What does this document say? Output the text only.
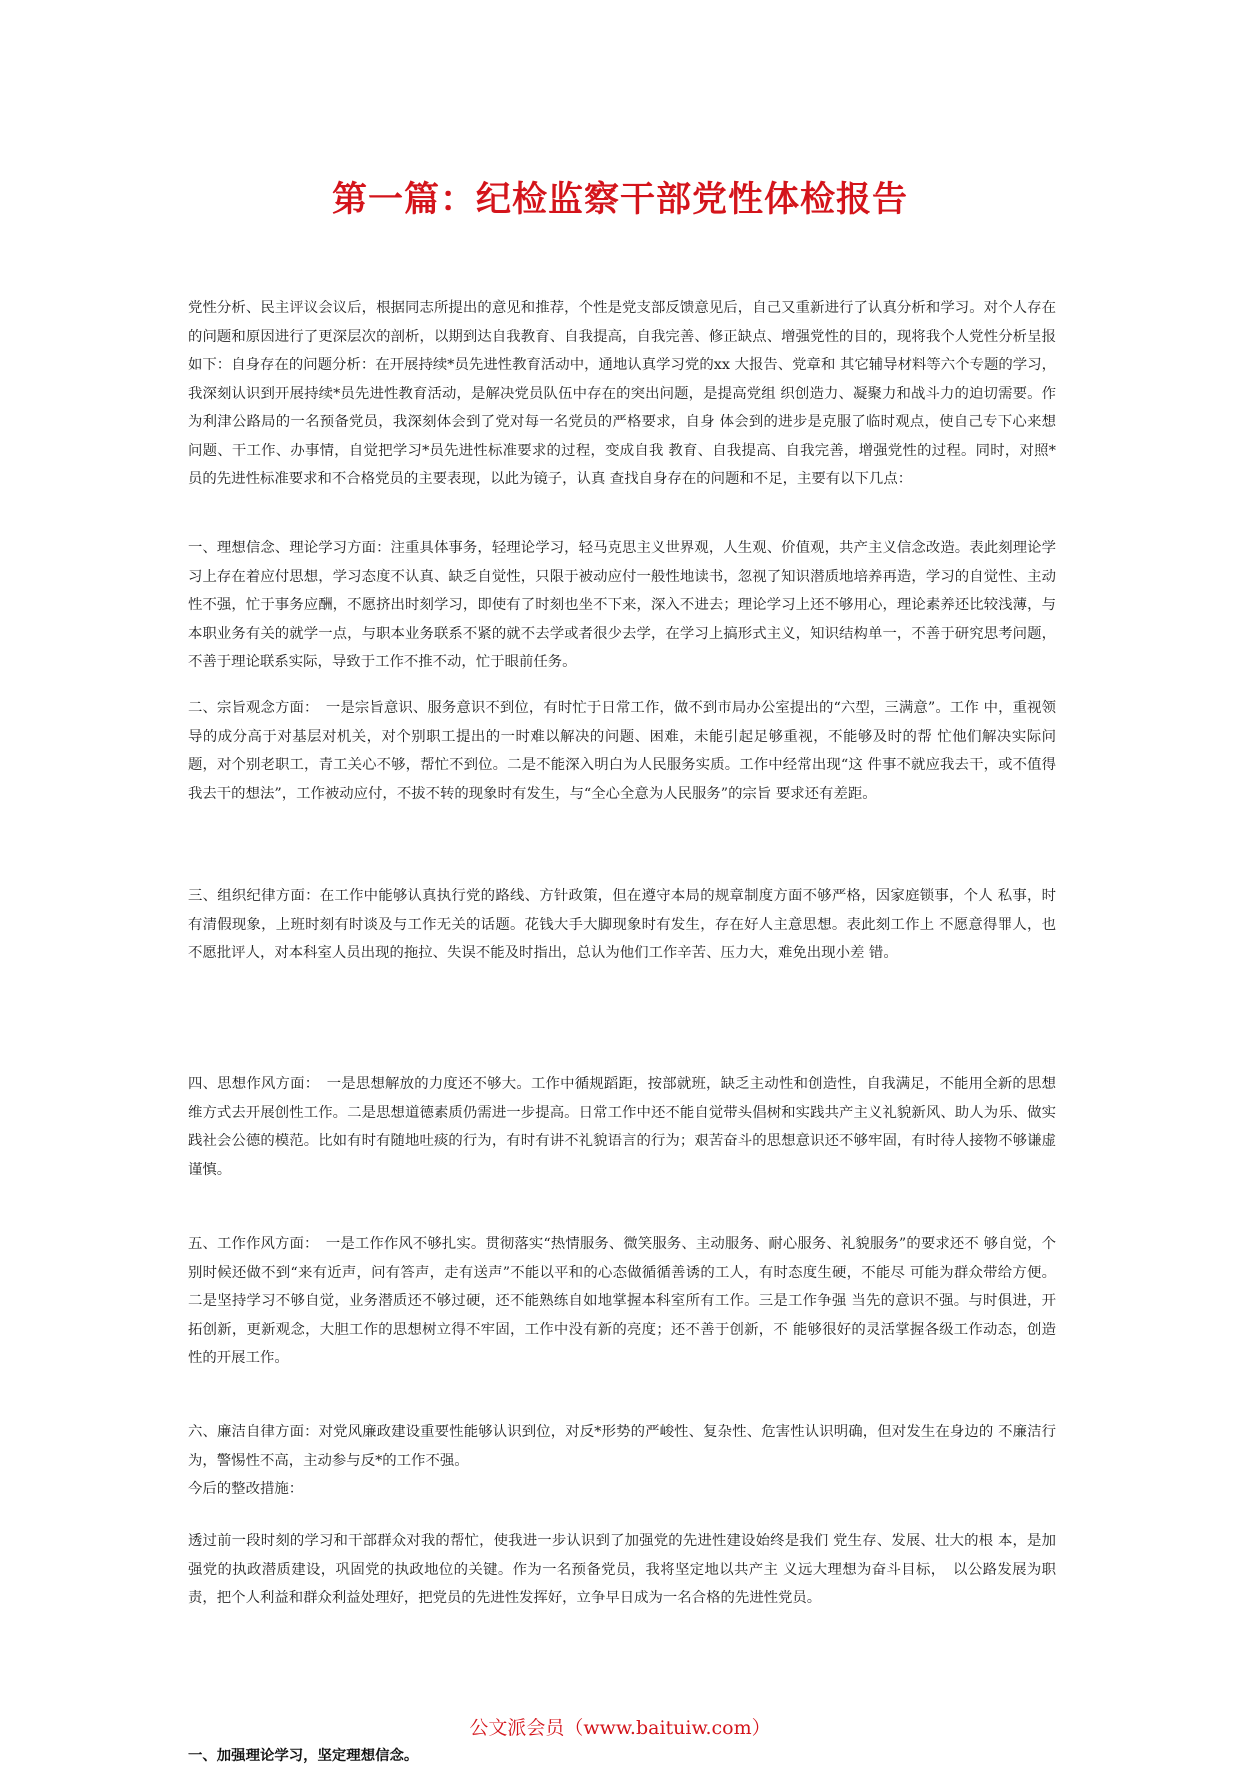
第一篇：纪检监察干部党性体检报告

党性分析、民主评议会议后，根据同志所提出的意见和推荐，个性是党支部反馈意见后，自己又重新进行了认真分析和学习。对个人存在的问题和原因进行了更深层次的剖析，以期到达自我教育、自我提高，自我完善、修正缺点、增强党性的目的，现将我个人党性分析呈报如下：自身存在的问题分析：在开展持续*员先进性教育活动中，通地认真学习党的xx 大报告、党章和 其它辅导材料等六个专题的学习，我深刻认识到开展持续*员先进性教育活动，是解决党员队伍中存在的突出问题，是提高党组 织创造力、凝聚力和战斗力的迫切需要。作为利津公路局的一名预备党员，我深刻体会到了党对每一名党员的严格要求，自身 体会到的进步是克服了临时观点，使自己专下心来想问题、干工作、办事情，自觉把学习*员先进性标准要求的过程，变成自我 教育、自我提高、自我完善，增强党性的过程。同时，对照*员的先进性标准要求和不合格党员的主要表现，以此为镜子，认真 查找自身存在的问题和不足，主要有以下几点：

一、理想信念、理论学习方面：注重具体事务，轻理论学习，轻马克思主义世界观，人生观、价值观，共产主义信念改造。表此刻理论学习上存在着应付思想，学习态度不认真、缺乏自觉性，只限于被动应付一般性地读书，忽视了知识潜质地培养再造，学习的自觉性、主动性不强，忙于事务应酬，不愿挤出时刻学习，即使有了时刻也坐不下来，深入不进去；理论学习上还不够用心，理论素养还比较浅薄，与本职业务有关的就学一点，与职本业务联系不紧的就不去学或者很少去学，在学习上搞形式主义，知识结构单一，不善于研究思考问题，不善于理论联系实际，导致于工作不推不动，忙于眼前任务。

二、宗旨观念方面：　一是宗旨意识、服务意识不到位，有时忙于日常工作，做不到市局办公室提出的“六型，三满意”。工作 中，重视领导的成分高于对基层对机关，对个别职工提出的一时难以解决的问题、困难，未能引起足够重视，不能够及时的帮 忙他们解决实际问题，对个别老职工，青工关心不够，帮忙不到位。二是不能深入明白为人民服务实质。工作中经常出现“这 件事不就应我去干，或不值得我去干的想法”，工作被动应付，不拔不转的现象时有发生，与“全心全意为人民服务”的宗旨 要求还有差距。

三、组织纪律方面：在工作中能够认真执行党的路线、方针政策，但在遵守本局的规章制度方面不够严格，因家庭锁事，个人 私事，时有清假现象，上班时刻有时谈及与工作无关的话题。花钱大手大脚现象时有发生，存在好人主意思想。表此刻工作上 不愿意得罪人，也不愿批评人，对本科室人员出现的拖拉、失误不能及时指出，总认为他们工作辛苦、压力大，难免出现小差 错。

四、思想作风方面：　一是思想解放的力度还不够大。工作中循规蹈距，按部就班，缺乏主动性和创造性，自我满足，不能用全新的思想维方式去开展创性工作。二是思想道德素质仍需进一步提高。日常工作中还不能自觉带头倡树和实践共产主义礼貌新风、助人为乐、做实践社会公德的模范。比如有时有随地吐痰的行为，有时有讲不礼貌语言的行为；艰苦奋斗的思想意识还不够牢固，有时待人接物不够谦虚谨慎。

五、工作作风方面：　一是工作作风不够扎实。贯彻落实“热情服务、微笑服务、主动服务、耐心服务、礼貌服务”的要求还不 够自觉，个别时候还做不到“来有近声，问有答声，走有送声”不能以平和的心态做循循善诱的工人，有时态度生硬，不能尽 可能为群众带给方便。二是坚持学习不够自觉，业务潜质还不够过硬，还不能熟练自如地掌握本科室所有工作。三是工作争强 当先的意识不强。与时俱进，开拓创新，更新观念，大胆工作的思想树立得不牢固，工作中没有新的亮度；还不善于创新，不 能够很好的灵活掌握各级工作动态，创造性的开展工作。

六、廉洁自律方面：对党风廉政建设重要性能够认识到位，对反*形势的严峻性、复杂性、危害性认识明确，但对发生在身边的 不廉洁行为，警惕性不高，主动参与反*的工作不强。

今后的整改措施：

透过前一段时刻的学习和干部群众对我的帮忙，使我进一步认识到了加强党的先进性建设始终是我们 党生存、发展、壮大的根 本，是加强党的执政潜质建设，巩固党的执政地位的关键。作为一名预备党员，我将坚定地以共产主 义远大理想为奋斗目标，　以公路发展为职责，把个人利益和群众利益处理好，把党员的先进性发挥好，立争早日成为一名合格的先进性党员。

一、加强理论学习，坚定理想信念。
公文派会员（www.baituiw.com）
